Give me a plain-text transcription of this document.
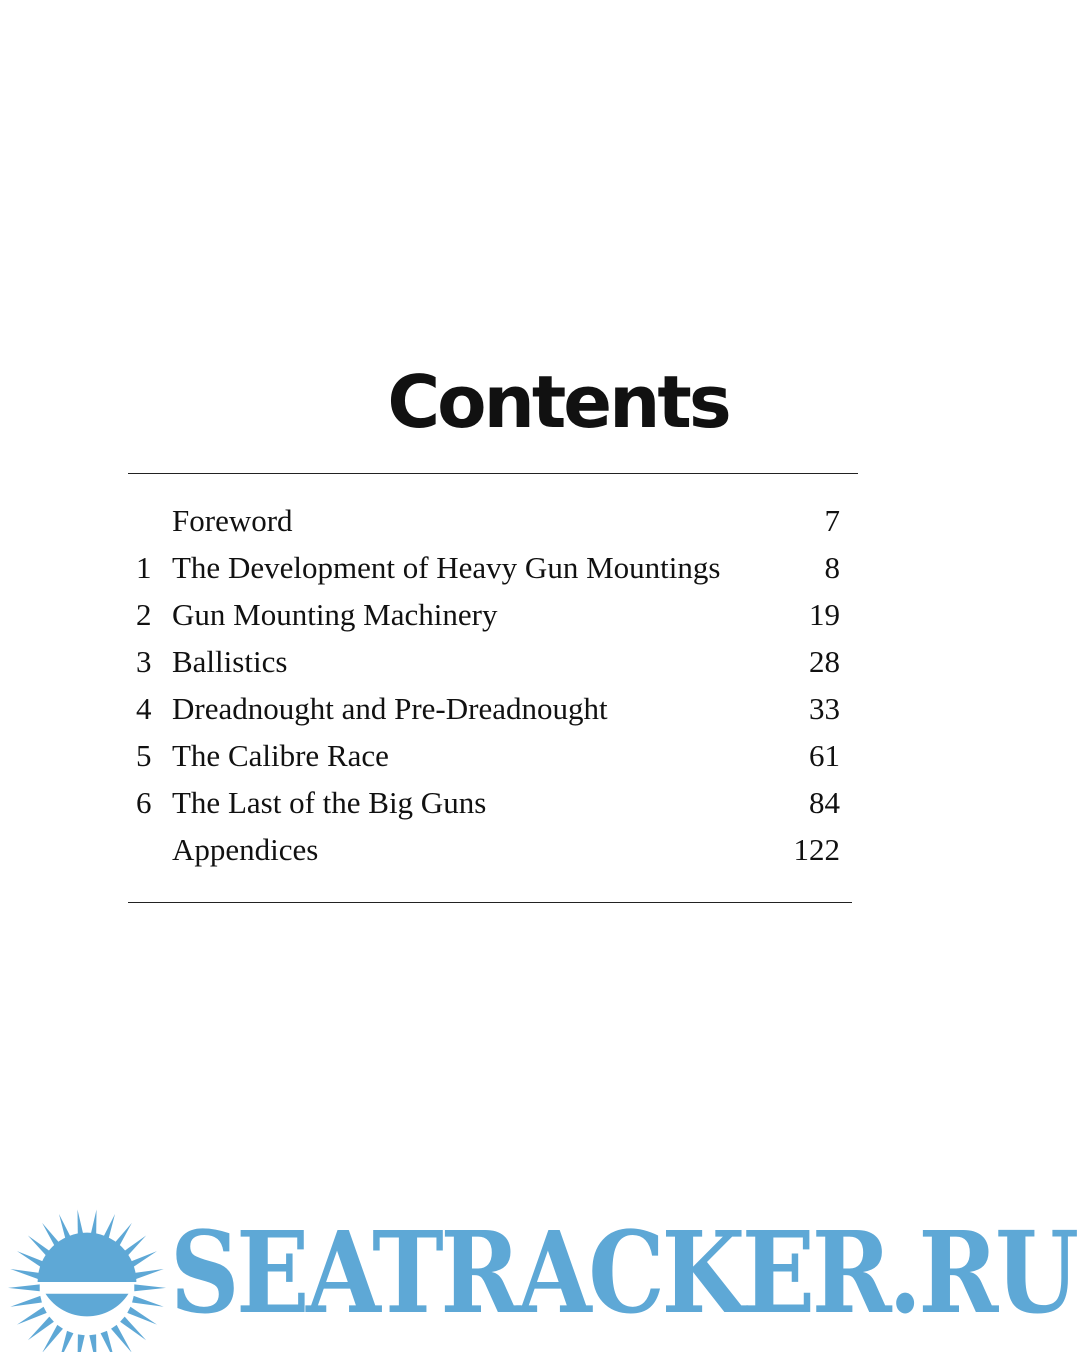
Contents
Foreword	7
1 The Development of Heavy Gun Mountings	8
2 Gun Mounting Machinery	19
3 Ballistics	28
4 Dreadnought and Pre-Dreadnought	33
5 The Calibre Race	61
6 The Last of the Big Guns	84
Appendices	122
SEATRACKER.RU
